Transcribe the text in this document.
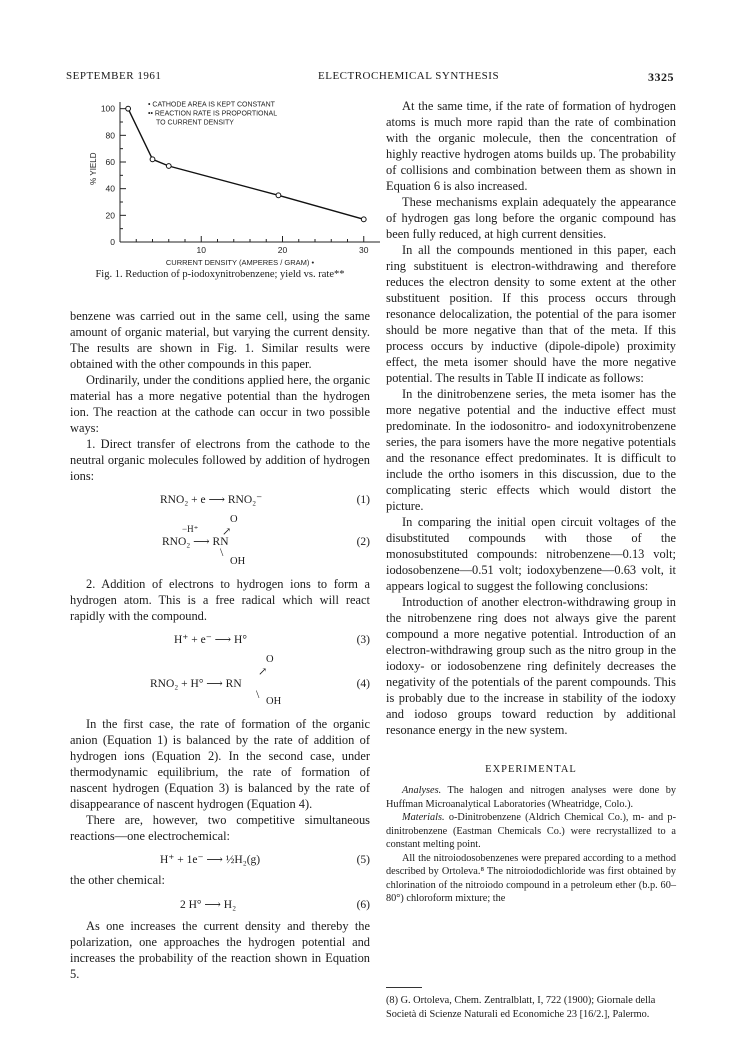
SEPTEMBER 1961	ELECTROCHEMICAL SYNTHESIS	3325
10	20	30
0
20
40
60
80
100
CURRENT DENSITY (AMPERES / GRAM) •
% YIELD
• CATHODE AREA IS KEPT CONSTANT
•• REACTION RATE IS PROPORTIONAL
TO CURRENT DENSITY
Fig. 1. Reduction of p-iodoxynitrobenzene; yield vs. rate**

benzene was carried out in the same cell, using the same amount of organic material, but varying the current density. The results are shown in Fig. 1. Similar results were obtained with the other compounds in this paper.

Ordinarily, under the conditions applied here, the organic material has a more negative potential than the hydrogen ion. The reaction at the cathode can occur in two possible ways:

1. Direct transfer of electrons from the cathode to the neutral organic molecules followed by addition of hydrogen ions:

RNO₂ + e ⟶ RNO₂⁻	(1)
O
−H⁺ ↗
RNO₂ ⟶ RN	(2)
\
OH

2. Addition of electrons to hydrogen ions to form a hydrogen atom. This is a free radical which will react rapidly with the compound.

H⁺ + e⁻ ⟶ H°	(3)
O
↗
RNO₂ + H° ⟶ RN	(4)
\
OH

In the first case, the rate of formation of the organic anion (Equation 1) is balanced by the rate of addition of hydrogen ions (Equation 2). In the second case, under thermodynamic equilibrium, the rate of formation of nascent hydrogen (Equation 3) is balanced by the rate of disappearance of nascent hydrogen (Equation 4).

There are, however, two competitive simultaneous reactions—one electrochemical:

H⁺ + 1e⁻ ⟶ ½H₂(g)	(5)

the other chemical:

2 H° ⟶ H₂	(6)

As one increases the current density and thereby the polarization, one approaches the hydrogen potential and increases the probability of the reaction shown in Equation 5.

At the same time, if the rate of formation of hydrogen atoms is much more rapid than the rate of combination with the organic molecule, then the concentration of highly reactive hydrogen atoms builds up. The probability of collisions and combination between them as shown in Equation 6 is also increased.

These mechanisms explain adequately the appearance of hydrogen gas long before the organic compound has been fully reduced, at high current densities.

In all the compounds mentioned in this paper, each ring substituent is electron-withdrawing and therefore reduces the electron density to some extent at the other substituent position. If this process occurs through resonance delocalization, the potential of the para isomer should be more negative than that of the meta. If this process occurs by inductive (dipole-dipole) proximity effect, the meta isomer should have the more negative potential. The results in Table II indicate as follows:

In the dinitrobenzene series, the meta isomer has the more negative potential and the inductive effect must predominate. In the iodosonitro- and iodoxynitrobenzene series, the para isomers have the more negative potentials and the resonance effect predominates. It is difficult to include the ortho isomers in this discussion, due to the complicating steric effects which would distort the picture.

In comparing the initial open circuit voltages of the disubstituted compounds with those of the monosubstituted compounds: nitrobenzene—0.13 volt; iodosobenzene—0.51 volt; iodoxybenzene—0.63 volt, it appears logical to suggest the following conclusions:

Introduction of another electron-withdrawing group in the nitrobenzene ring does not always give the parent compound a more negative potential. Introduction of an electron-withdrawing group such as the nitro group in the iodoxy- or iodosobenzene ring definitely decreases the negativity of the potentials of the parent compounds. This is probably due to the increase in stability of the iodoxy and iodoso groups toward reduction by additional resonance energy in the new system.

EXPERIMENTAL

Analyses. The halogen and nitrogen analyses were done by Huffman Microanalytical Laboratories (Wheatridge, Colo.).

Materials. o-Dinitrobenzene (Aldrich Chemical Co.), m- and p-dinitrobenzene (Eastman Chemicals Co.) were recrystallized to a constant melting point.

All the nitroiodosobenzenes were prepared according to a method described by Ortoleva.⁸ The nitroiododichloride was first obtained by chlorination of the nitroiodo compound in a petroleum ether (b.p. 60–80°) chloroform mixture; the

(8) G. Ortoleva, Chem. Zentralblatt, I, 722 (1900); Giornale della Società di Scienze Naturali ed Economiche 23 [16/2.], Palermo.
